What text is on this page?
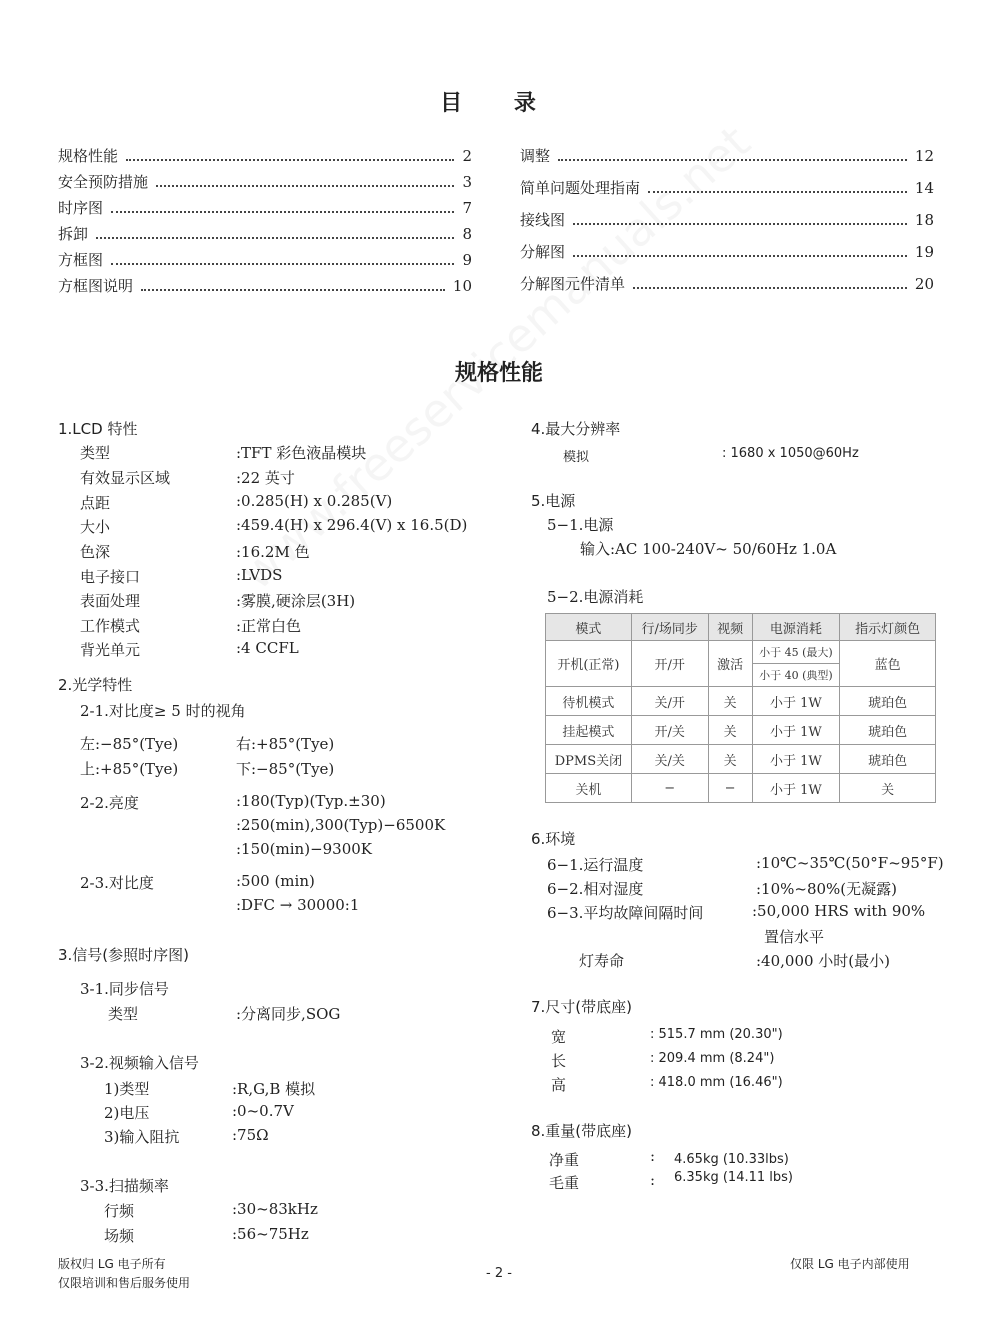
目 录
规格性能	2
安全预防措施	3
时序图	7
拆卸	8
方框图	9
方框图说明	10
调整	12
简单问题处理指南	14
接线图	18
分解图	19
分解图元件清单	20
规格性能
1.LCD 特性
类型	:TFT 彩色液晶模块
有效显示区域	:22 英寸
点距	:0.285(H) x 0.285(V)
大小	:459.4(H) x 296.4(V) x 16.5(D)
色深	:16.2M 色
电子接口	:LVDS
表面处理	:雾膜,硬涂层(3H)
工作模式	:正常白色
背光单元	:4 CCFL
2.光学特性
2-1.对比度≥ 5 时的视角
左:−85°(Tye)	右:+85°(Tye)
上:+85°(Tye)	下:−85°(Tye)
2-2.亮度	:180(Typ)(Typ.±30)
:250(min),300(Typ)−6500K
:150(min)−9300K
2-3.对比度	:500 (min)
:DFC → 30000:1
3.信号(参照时序图)
3-1.同步信号
类型	:分离同步,SOG
3-2.视频输入信号
1)类型	:R,G,B 模拟
2)电压	:0~0.7V
3)输入阻抗	:75Ω
3-3.扫描频率
行频	:30~83kHz
场频	:56~75Hz
4.最大分辨率
模拟	: 1680 x 1050@60Hz
5.电源
5−1.电源
输入:AC 100-240V~ 50/60Hz 1.0A
5−2.电源消耗
模式	行/场同步	视频	电源消耗	指示灯颜色
开机(正常)	开/开	激活	小于 45 (最大)	蓝色
			小于 40 (典型)	
待机模式	关/开	关	小于 1W	琥珀色
挂起模式	开/关	关	小于 1W	琥珀色
DPMS关闭	关/关	关	小于 1W	琥珀色
关机	−	−	小于 1W	关
6.环境
6−1.运行温度	:10℃~35℃(50°F~95°F)
6−2.相对湿度	:10%~80%(无凝露)
6−3.平均故障间隔时间	:50,000 HRS with 90%
置信水平
灯寿命	:40,000 小时(最小)
7.尺寸(带底座)
宽	: 515.7 mm (20.30")
长	: 209.4 mm (8.24")
高	: 418.0 mm (16.46")
8.重量(带底座)
净重	: 4.65kg (10.33lbs)
毛重	: 6.35kg (14.11 lbs)
版权归 LG 电子所有
仅限培训和售后服务使用
- 2 -
仅限 LG 电子内部使用
